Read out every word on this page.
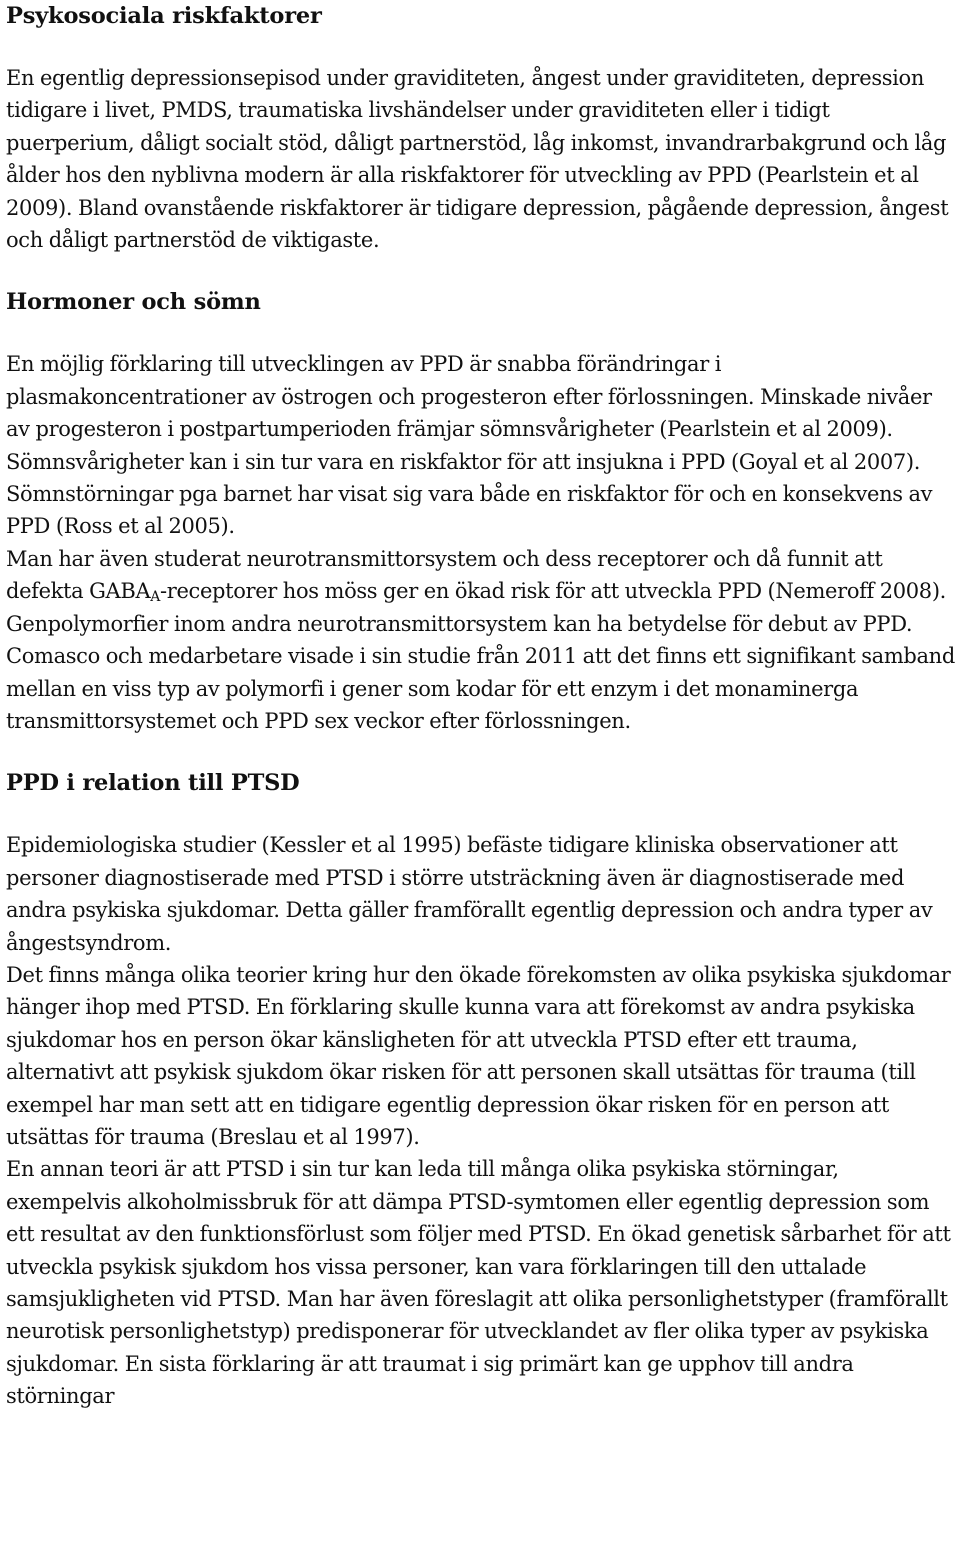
Psykosociala riskfaktorer

En egentlig depressionsepisod under graviditeten, ångest under graviditeten, depression tidigare i livet, PMDS, traumatiska livshändelser under graviditeten eller i tidigt puerperium, dåligt socialt stöd, dåligt partnerstöd, låg inkomst, invandrarbakgrund och låg ålder hos den nyblivna modern är alla riskfaktorer för utveckling av PPD (Pearlstein et al 2009). Bland ovanstående riskfaktorer är tidigare depression, pågående depression, ångest och dåligt partnerstöd de viktigaste.

Hormoner och sömn

En möjlig förklaring till utvecklingen av PPD är snabba förändringar i plasmakoncentrationer av östrogen och progesteron efter förlossningen. Minskade nivåer av progesteron i postpartumperioden främjar sömnsvårigheter (Pearlstein et al 2009). Sömnsvårigheter kan i sin tur vara en riskfaktor för att insjukna i PPD (Goyal et al 2007). Sömnstörningar pga barnet har visat sig vara både en riskfaktor för och en konsekvens av PPD (Ross et al 2005).

Man har även studerat neurotransmittorsystem och dess receptorer och då funnit att defekta $GABA_A$-receptorer hos möss ger en ökad risk för att utveckla PPD (Nemeroff 2008).

Genpolymorfier inom andra neurotransmittorsystem kan ha betydelse för debut av PPD. Comasco och medarbetare visade i sin studie från 2011 att det finns ett signifikant samband mellan en viss typ av polymorfi i gener som kodar för ett enzym i det monaminerga transmittorsystemet och PPD sex veckor efter förlossningen.

PPD i relation till PTSD

Epidemiologiska studier (Kessler et al 1995) befäste tidigare kliniska observationer att personer diagnostiserade med PTSD i större utsträckning även är diagnostiserade med andra psykiska sjukdomar. Detta gäller framförallt egentlig depression och andra typer av ångestsyndrom.

Det finns många olika teorier kring hur den ökade förekomsten av olika psykiska sjukdomar hänger ihop med PTSD. En förklaring skulle kunna vara att förekomst av andra psykiska sjukdomar hos en person ökar känsligheten för att utveckla PTSD efter ett trauma, alternativt att psykisk sjukdom ökar risken för att personen skall utsättas för trauma (till exempel har man sett att en tidigare egentlig depression ökar risken för en person att utsättas för trauma (Breslau et al 1997).

En annan teori är att PTSD i sin tur kan leda till många olika psykiska störningar, exempelvis alkoholmissbruk för att dämpa PTSD-symtomen eller egentlig depression som ett resultat av den funktionsförlust som följer med PTSD. En ökad genetisk sårbarhet för att utveckla psykisk sjukdom hos vissa personer, kan vara förklaringen till den uttalade samsjukligheten vid PTSD. Man har även föreslagit att olika personlighetstyper (framförallt neurotisk personlighetstyp) predisponerar för utvecklandet av fler olika typer av psykiska sjukdomar. En sista förklaring är att traumat i sig primärt kan ge upphov till andra störningar
